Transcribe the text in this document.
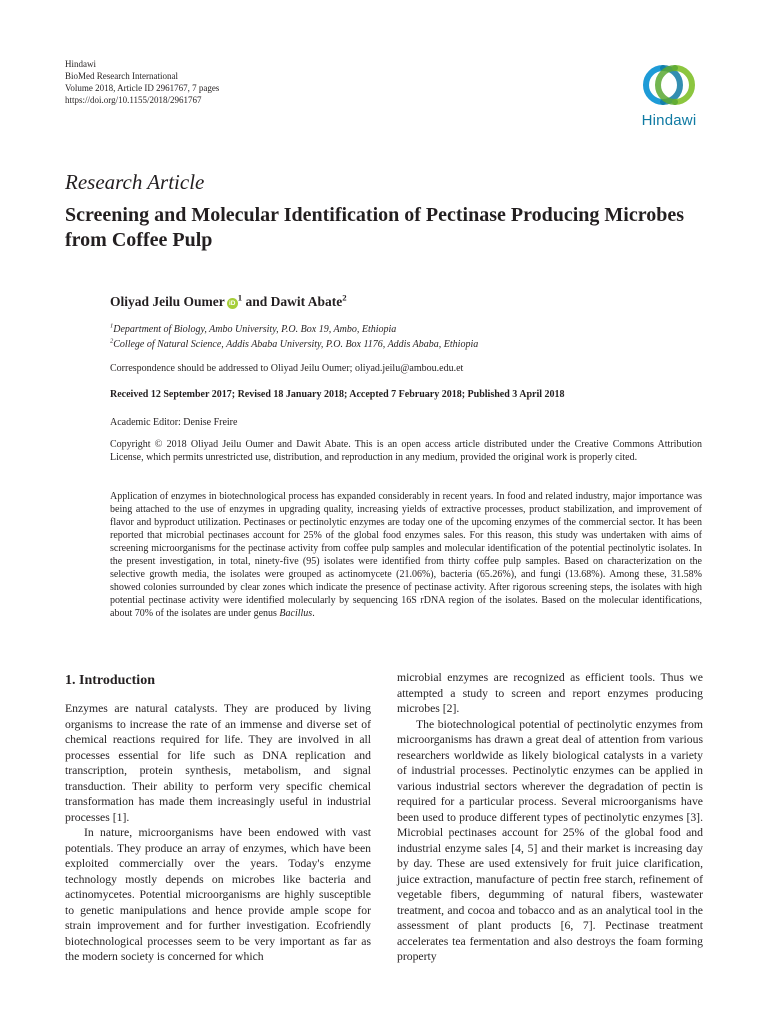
Hindawi
BioMed Research International
Volume 2018, Article ID 2961767, 7 pages
https://doi.org/10.1155/2018/2961767
Hindawi
Research Article
Screening and Molecular Identification of Pectinase Producing Microbes from Coffee Pulp
Oliyad Jeilu Oumer $iD^1$ and Dawit Abate$^2$
$^1$Department of Biology, Ambo University, P.O. Box 19, Ambo, Ethiopia
$^2$College of Natural Science, Addis Ababa University, P.O. Box 1176, Addis Ababa, Ethiopia
Correspondence should be addressed to Oliyad Jeilu Oumer; oliyad.jeilu@ambou.edu.et
Received 12 September 2017; Revised 18 January 2018; Accepted 7 February 2018; Published 3 April 2018
Academic Editor: Denise Freire
Copyright © 2018 Oliyad Jeilu Oumer and Dawit Abate. This is an open access article distributed under the Creative Commons Attribution License, which permits unrestricted use, distribution, and reproduction in any medium, provided the original work is properly cited.
Application of enzymes in biotechnological process has expanded considerably in recent years. In food and related industry, major importance was being attached to the use of enzymes in upgrading quality, increasing yields of extractive processes, product stabilization, and improvement of flavor and byproduct utilization. Pectinases or pectinolytic enzymes are today one of the upcoming enzymes of the commercial sector. It has been reported that microbial pectinases account for 25% of the global food enzymes sales. For this reason, this study was undertaken with aims of screening microorganisms for the pectinase activity from coffee pulp samples and molecular identification of the potential pectinolytic isolates. In the present investigation, in total, ninety-five (95) isolates were identified from thirty coffee pulp samples. Based on characterization on the selective growth media, the isolates were grouped as actinomycete (21.06%), bacteria (65.26%), and fungi (13.68%). Among these, 31.58% showed colonies surrounded by clear zones which indicate the presence of pectinase activity. After rigorous screening steps, the isolates with high potential pectinase activity were identified molecularly by sequencing 16S rDNA region of the isolates. Based on the molecular identifications, about 70% of the isolates are under genus Bacillus.
1. Introduction

Enzymes are natural catalysts. They are produced by living organisms to increase the rate of an immense and diverse set of chemical reactions required for life. They are involved in all processes essential for life such as DNA replication and transcription, protein synthesis, metabolism, and signal transduction. Their ability to perform very specific chemical transformation has made them increasingly useful in industrial processes [1].

In nature, microorganisms have been endowed with vast potentials. They produce an array of enzymes, which have been exploited commercially over the years. Today's enzyme technology mostly depends on microbes like bacteria and actinomycetes. Potential microorganisms are highly susceptible to genetic manipulations and hence provide ample scope for strain improvement and for further investigation. Ecofriendly biotechnological processes seem to be very important as far as the modern society is concerned for which

microbial enzymes are recognized as efficient tools. Thus we attempted a study to screen and report enzymes producing microbes [2].

The biotechnological potential of pectinolytic enzymes from microorganisms has drawn a great deal of attention from various researchers worldwide as likely biological catalysts in a variety of industrial processes. Pectinolytic enzymes can be applied in various industrial sectors wherever the degradation of pectin is required for a particular process. Several microorganisms have been used to produce different types of pectinolytic enzymes [3]. Microbial pectinases account for 25% of the global food and industrial enzyme sales [4, 5] and their market is increasing day by day. These are used extensively for fruit juice clarification, juice extraction, manufacture of pectin free starch, refinement of vegetable fibers, degumming of natural fibers, wastewater treatment, and cocoa and tobacco and as an analytical tool in the assessment of plant products [6, 7]. Pectinase treatment accelerates tea fermentation and also destroys the foam forming property
